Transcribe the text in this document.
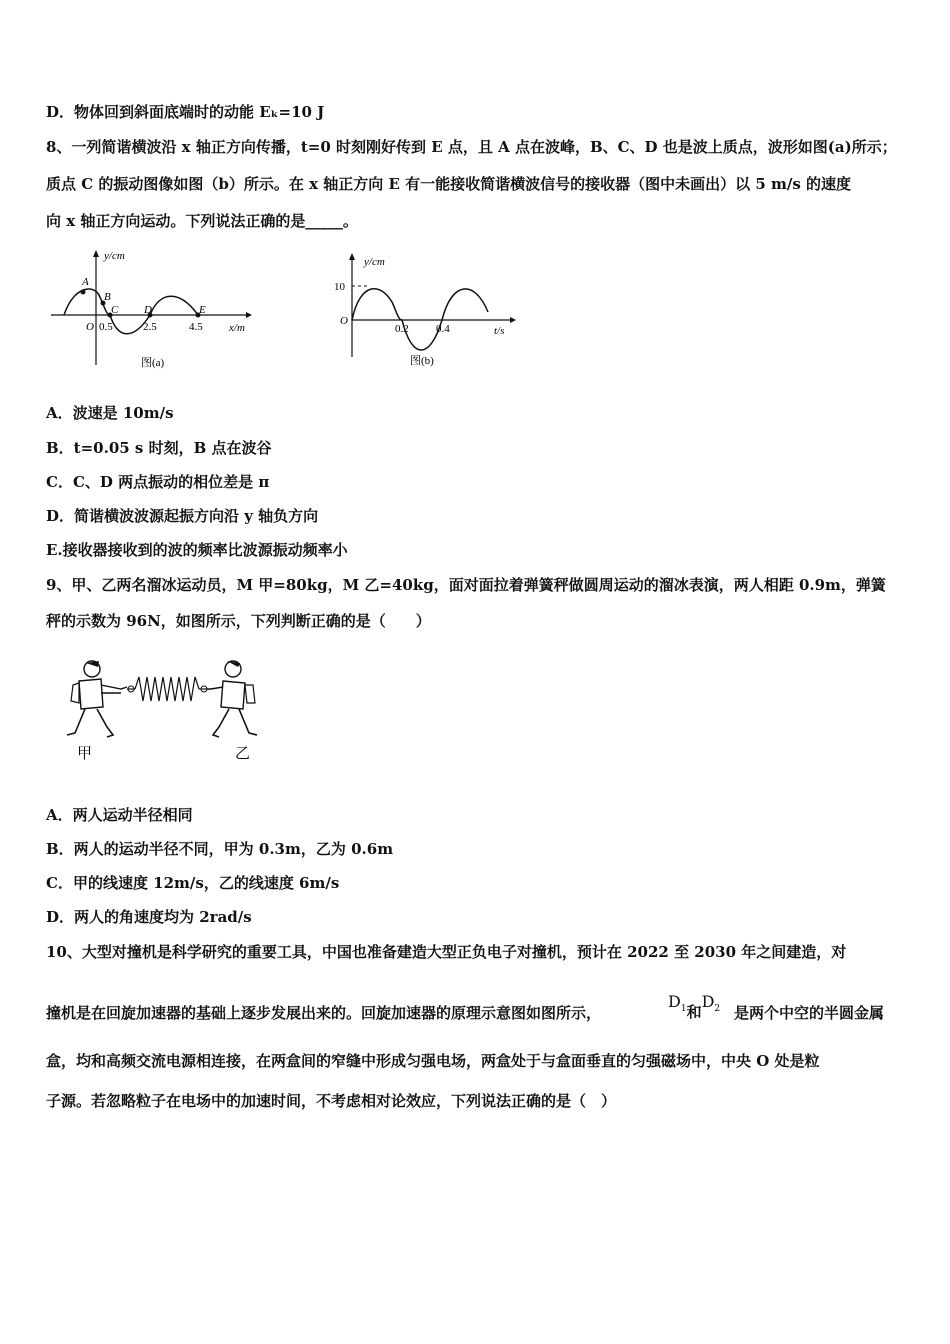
D．物体回到斜面底端时的动能 Eₖ=10 J
8、一列简谐横波沿 x 轴正方向传播，t=0 时刻刚好传到 E 点，且 A 点在波峰，B、C、D 也是波上质点，波形如图(a)所示；
质点 C 的振动图像如图（b）所示。在 x 轴正方向 E 有一能接收简谐横波信号的接收器（图中未画出）以 5 m/s 的速度
向 x 轴正方向运动。下列说法正确的是_____。
y/cm
x/m
O
A
B
C D	E
0.5	2.5	4.5
图(a)
y/cm
10
O
t/s
0.2 0.4
图(b)
A．波速是 10m/s
B．t=0.05 s 时刻，B 点在波谷
C．C、D 两点振动的相位差是 π
D．简谐横波波源起振方向沿 y 轴负方向
E.接收器接收到的波的频率比波源振动频率小
9、甲、乙两名溜冰运动员，M 甲=80kg，M 乙=40kg，面对面拉着弹簧秤做圆周运动的溜冰表演，两人相距 0.9m，弹簧
秤的示数为 96N，如图所示，下列判断正确的是（　　）
甲	乙
A．两人运动半径相同
B．两人的运动半径不同，甲为 0.3m，乙为 0.6m
C．甲的线速度 12m/s，乙的线速度 6m/s
D．两人的角速度均为 2rad/s
10、大型对撞机是科学研究的重要工具，中国也准备建造大型正负电子对撞机，预计在 2022 至 2030 年之间建造，对
撞机是在回旋加速器的基础上逐步发展出来的。回旋加速器的原理示意图如图所示，
$D_1$和$D_2$ 是两个中空的半圆金属
盒，均和高频交流电源相连接，在两盒间的窄缝中形成匀强电场，两盒处于与盒面垂直的匀强磁场中，中央 O 处是粒
子源。若忽略粒子在电场中的加速时间，不考虑相对论效应，下列说法正确的是（　）
